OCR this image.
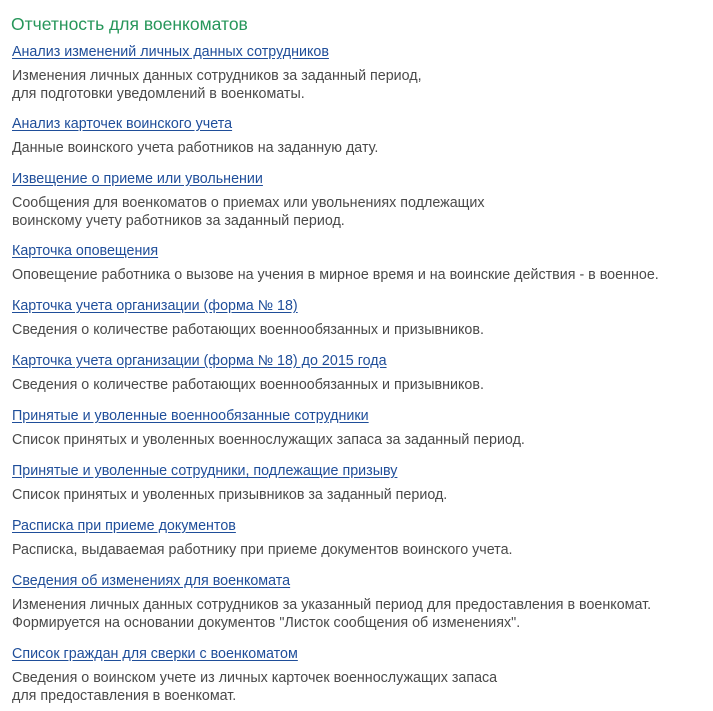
Отчетность для военкоматов
Анализ изменений личных данных сотрудников
Изменения личных данных сотрудников за заданный период,
для подготовки уведомлений в военкоматы.
Анализ карточек воинского учета
Данные воинского учета работников на заданную дату.
Извещение о приеме или увольнении
Сообщения для военкоматов о приемах или увольнениях подлежащих
воинскому учету работников за заданный период.
Карточка оповещения
Оповещение работника о вызове на учения в мирное время и на воинские действия - в военное.
Карточка учета организации (форма № 18)
Сведения о количестве работающих военнообязанных и призывников.
Карточка учета организации (форма № 18) до 2015 года
Сведения о количестве работающих военнообязанных и призывников.
Принятые и уволенные военнообязанные сотрудники
Список принятых и уволенных военнослужащих запаса за заданный период.
Принятые и уволенные сотрудники, подлежащие призыву
Список принятых и уволенных призывников за заданный период.
Расписка при приеме документов
Расписка, выдаваемая работнику при приеме документов воинского учета.
Сведения об изменениях для военкомата
Изменения личных данных сотрудников за указанный период для предоставления в военкомат.
Формируется на основании документов "Листок сообщения об изменениях".
Список граждан для сверки с военкоматом
Сведения о воинском учете из личных карточек военнослужащих запаса
для предоставления в военкомат.
